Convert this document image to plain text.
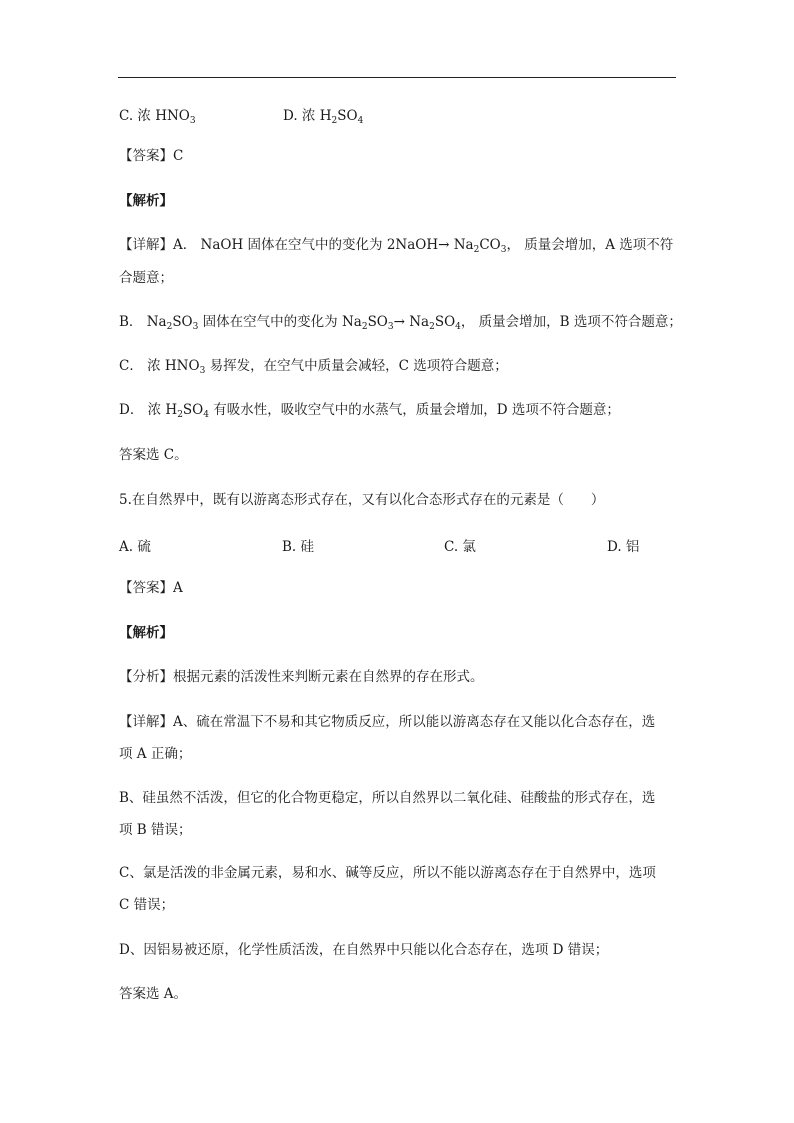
C. 浓 $HNO_3$	D. 浓 $H_2SO_4$
【答案】C
【解析】
【详解】A． NaOH 固体在空气中的变化为 2NaOH→ $Na_2CO_3$， 质量会增加，A 选项不符
合题意；
B． $Na_2SO_3$ 固体在空气中的变化为 $Na_2SO_3\to Na_2SO_4$， 质量会增加，B 选项不符合题意；
C． 浓 $HNO_3$ 易挥发，在空气中质量会减轻，C 选项符合题意；
D． 浓 $H_2SO_4$ 有吸水性，吸收空气中的水蒸气，质量会增加，D 选项不符合题意；
答案选 C。
5.在自然界中，既有以游离态形式存在，又有以化合态形式存在的元素是（　　）
A. 硫	B. 硅	C. 氯	D. 铝
【答案】A
【解析】
【分析】根据元素的活泼性来判断元素在自然界的存在形式。
【详解】A、硫在常温下不易和其它物质反应，所以能以游离态存在又能以化合态存在，选
项 A 正确；
B、硅虽然不活泼，但它的化合物更稳定，所以自然界以二氧化硅、硅酸盐的形式存在，选
项 B 错误；
C、氯是活泼的非金属元素，易和水、碱等反应，所以不能以游离态存在于自然界中，选项
C 错误；
D、因铝易被还原，化学性质活泼，在自然界中只能以化合态存在，选项 D 错误；
答案选 A。
